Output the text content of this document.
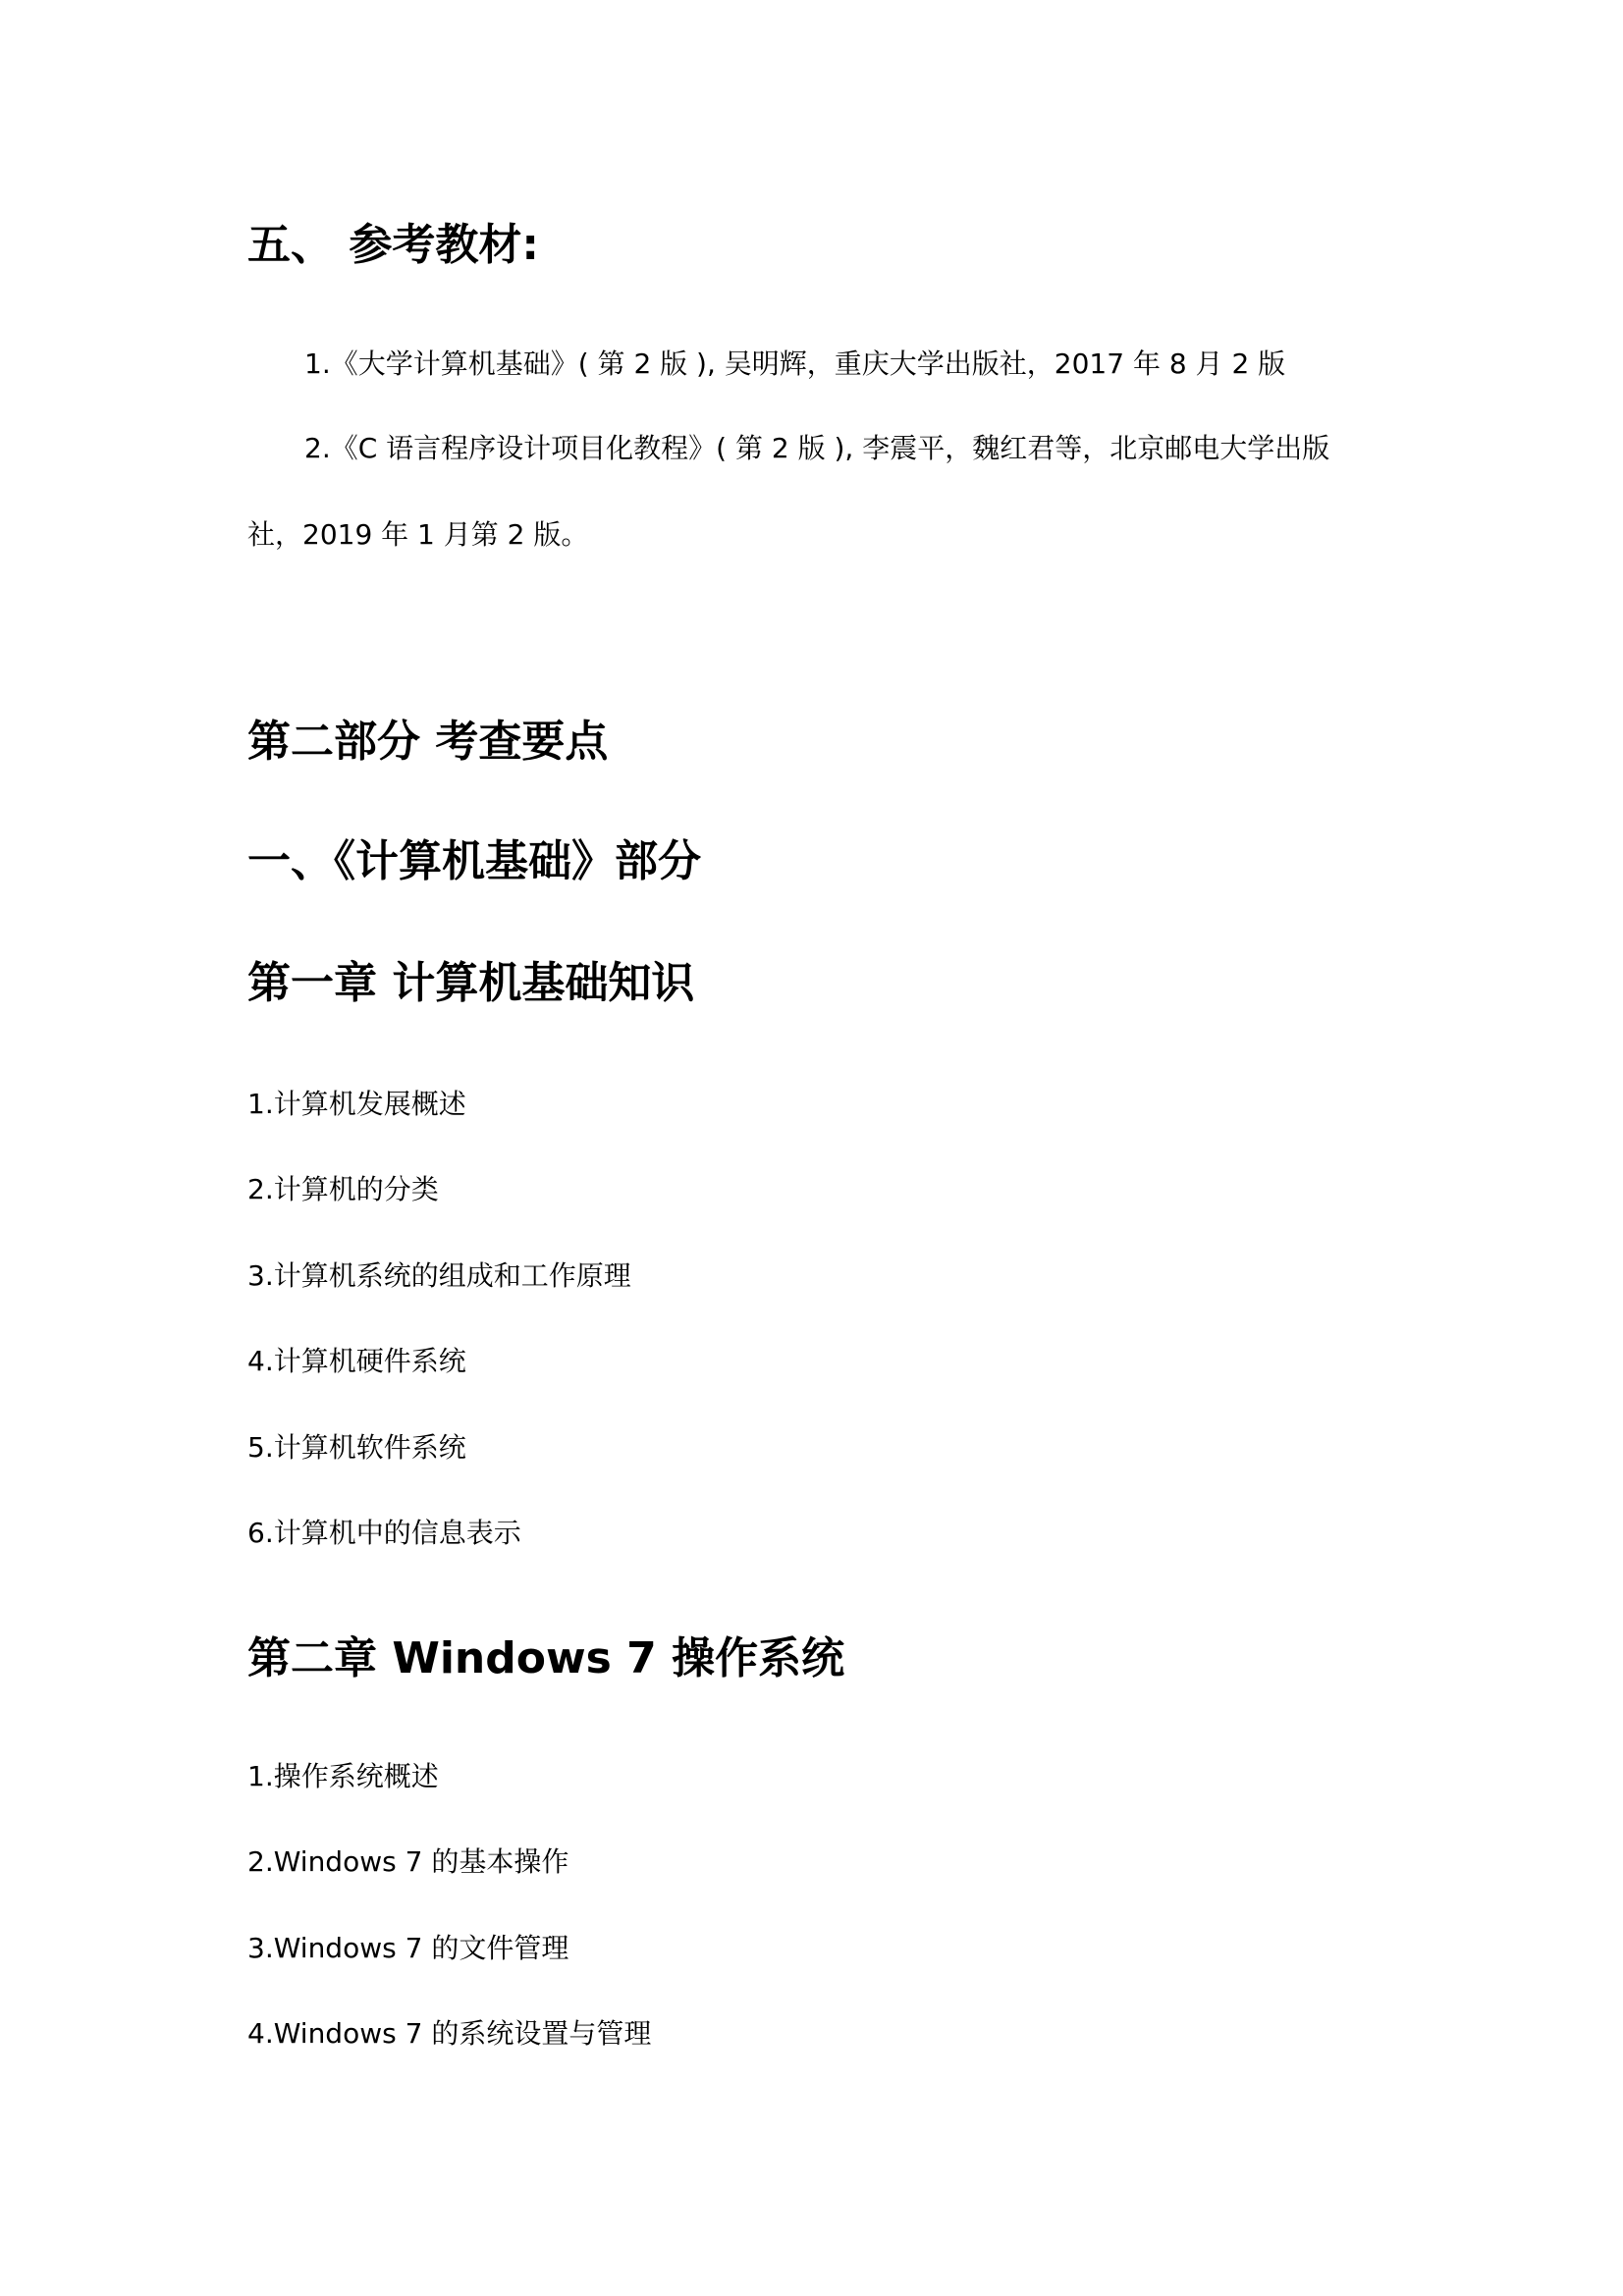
五、 参考教材:
1.《大学计算机基础》( 第 2 版 ), 吴明辉，重庆大学出版社，2017 年 8 月 2 版
2.《C 语言程序设计项目化教程》( 第 2 版 ), 李震平，魏红君等，北京邮电大学出版
社，2019 年 1 月第 2 版。
第二部分 考查要点
一、《计算机基础》部分
第一章 计算机基础知识
1.计算机发展概述
2.计算机的分类
3.计算机系统的组成和工作原理
4.计算机硬件系统
5.计算机软件系统
6.计算机中的信息表示
第二章 Windows 7 操作系统
1.操作系统概述
2.Windows 7 的基本操作
3.Windows 7 的文件管理
4.Windows 7 的系统设置与管理
